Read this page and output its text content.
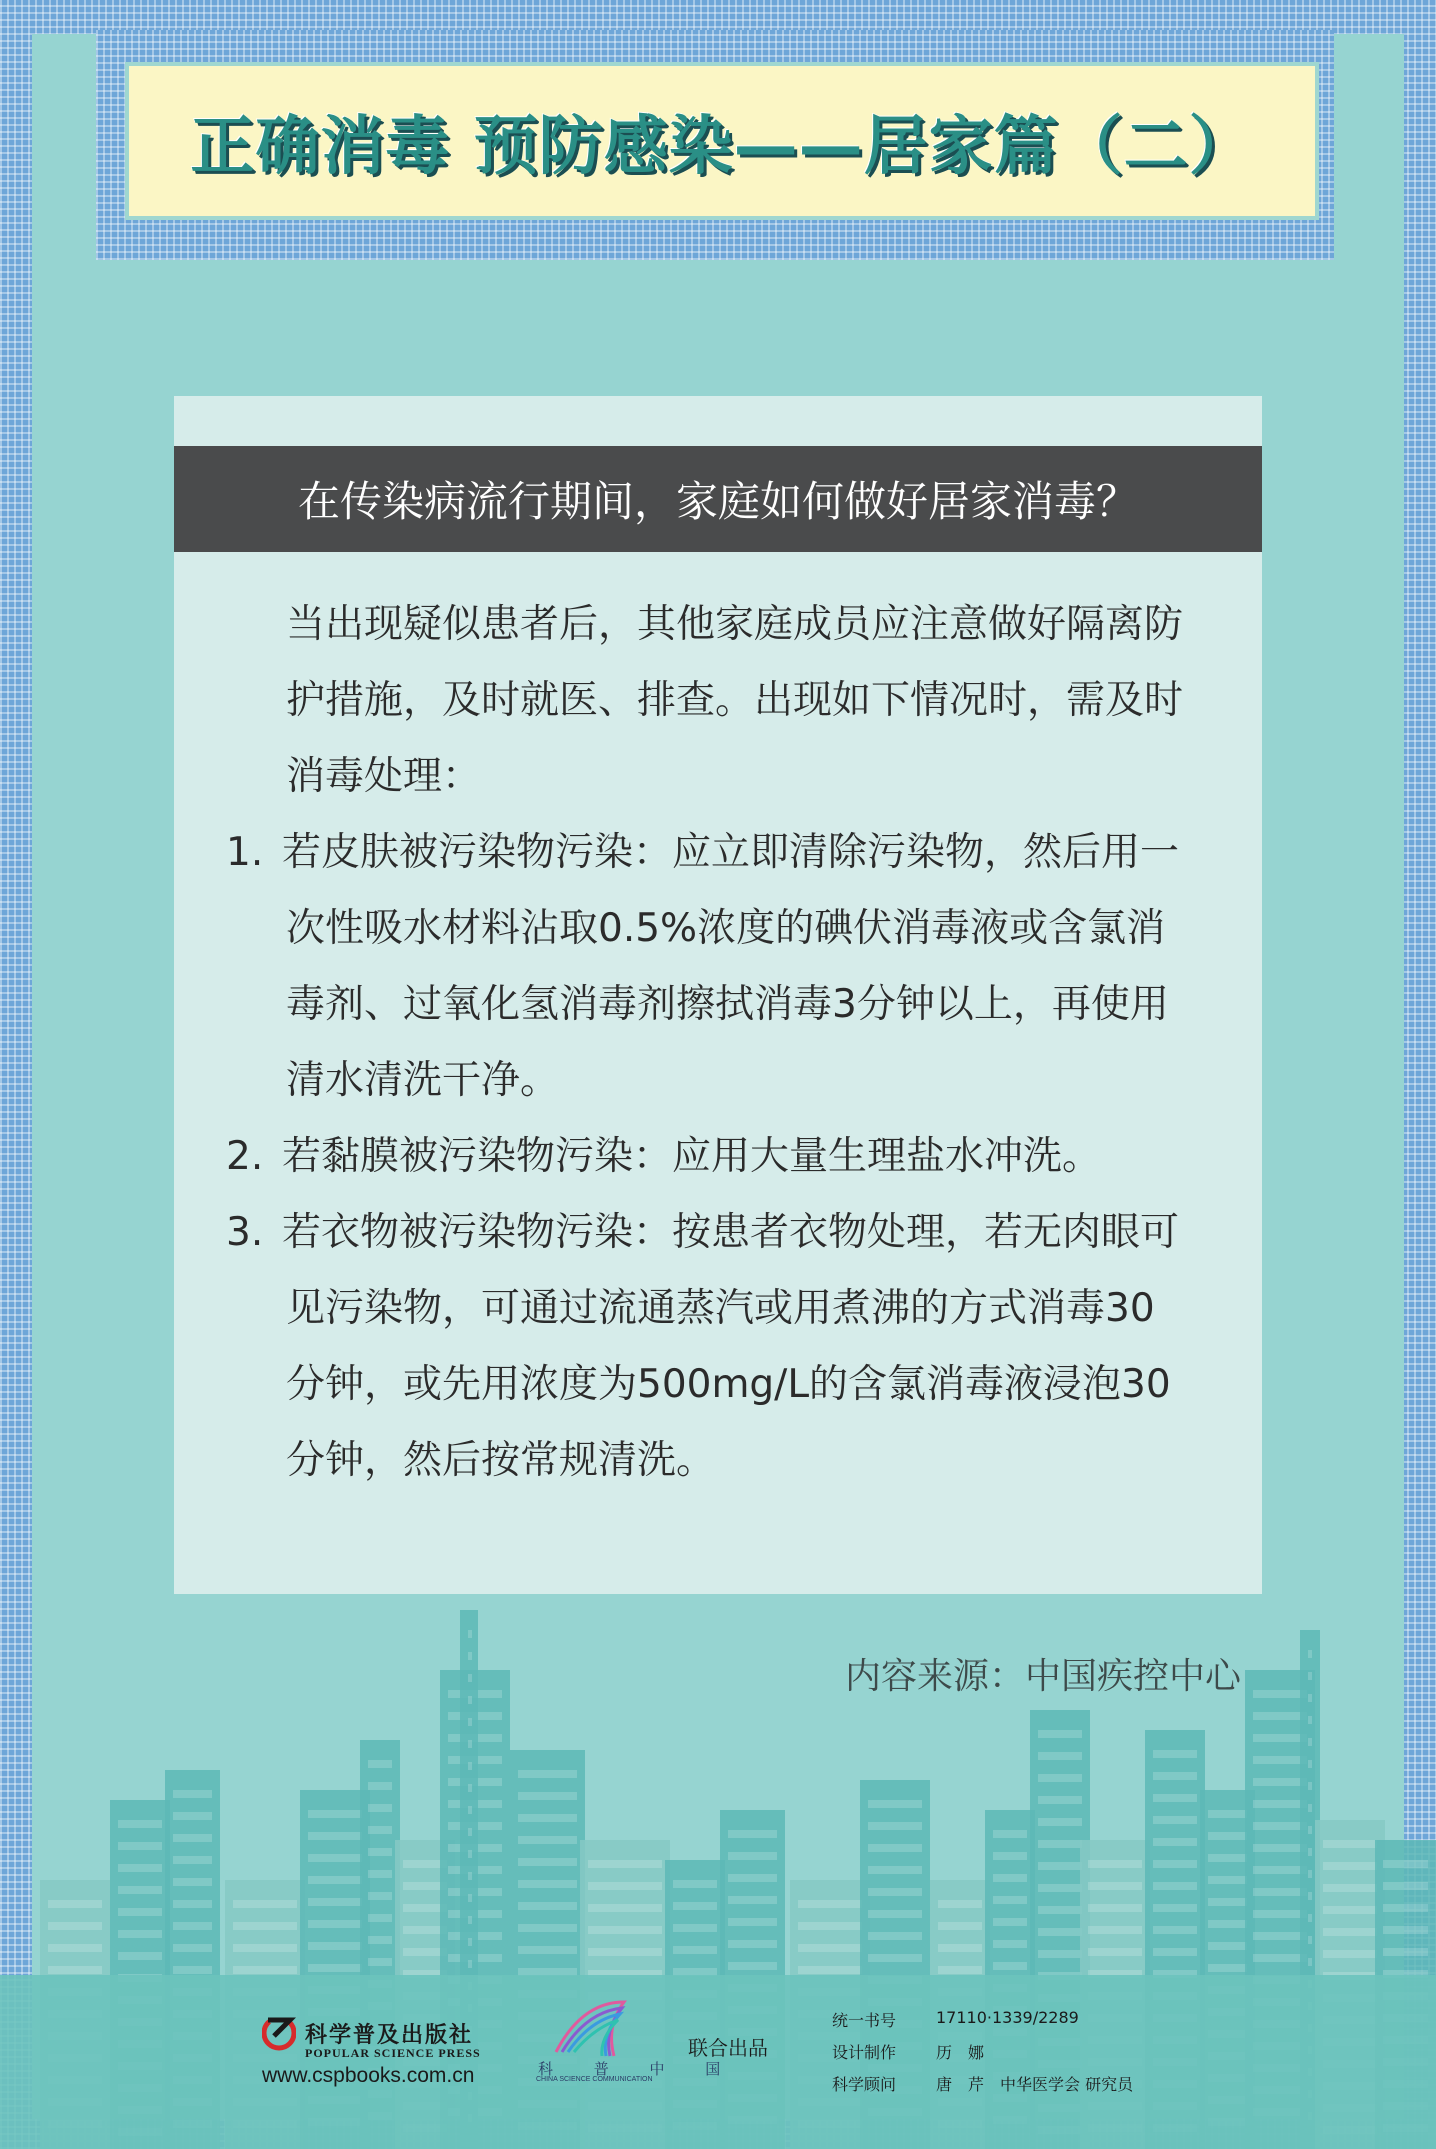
正确消毒 预防感染——居家篇（二）
在传染病流行期间，家庭如何做好居家消毒？
当出现疑似患者后，其他家庭成员应注意做好隔离防
护措施，及时就医、排查。出现如下情况时，需及时
消毒处理：
1. 若皮肤被污染物污染：应立即清除污染物，然后用一
次性吸水材料沾取0.5%浓度的碘伏消毒液或含氯消
毒剂、过氧化氢消毒剂擦拭消毒3分钟以上，再使用
清水清洗干净。
2. 若黏膜被污染物污染：应用大量生理盐水冲洗。
3. 若衣物被污染物污染：按患者衣物处理，若无肉眼可
见污染物，可通过流通蒸汽或用煮沸的方式消毒30
分钟，或先用浓度为500mg/L的含氯消毒液浸泡30
分钟，然后按常规清洗。
内容来源：中国疾控中心
科学普及出版社
POPULAR SCIENCE PRESS
www.cspbooks.com.cn	科 普 中 国
CHINA SCIENCE COMMUNICATION
联合出品
统一书号 17110·1339/2289
设计制作 历　娜
科学顾问 唐　芹　中华医学会 研究员
